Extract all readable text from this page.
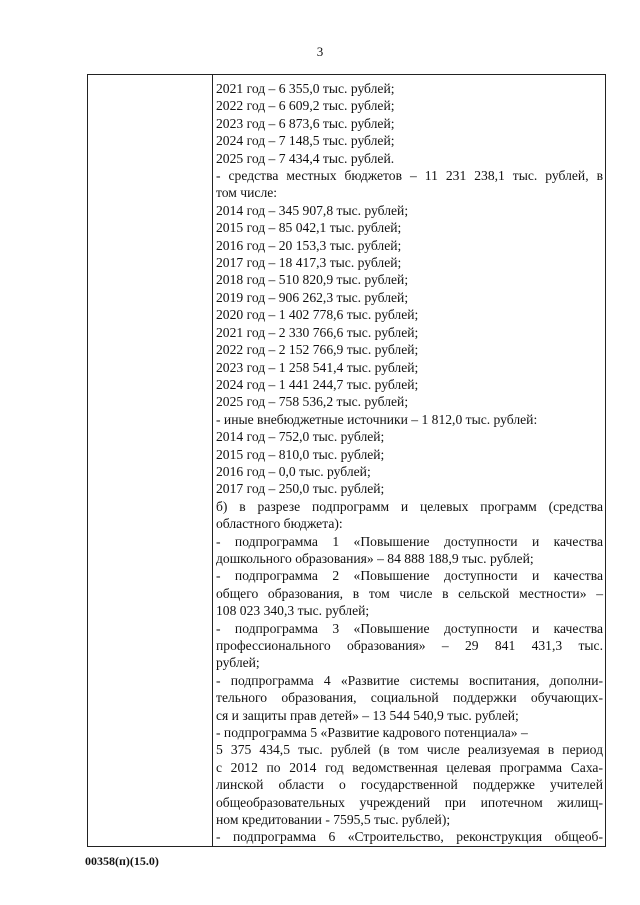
3
2021 год – 6 355,0 тыс. рублей;
2022 год – 6 609,2 тыс. рублей;
2023 год – 6 873,6 тыс. рублей;
2024 год – 7 148,5 тыс. рублей;
2025 год – 7 434,4 тыс. рублей.
- средства местных бюджетов – 11 231 238,1 тыс. рублей, в
том числе:
2014 год – 345 907,8 тыс. рублей;
2015 год – 85 042,1 тыс. рублей;
2016 год – 20 153,3 тыс. рублей;
2017 год – 18 417,3 тыс. рублей;
2018 год – 510 820,9 тыс. рублей;
2019 год – 906 262,3 тыс. рублей;
2020 год – 1 402 778,6 тыс. рублей;
2021 год – 2 330 766,6 тыс. рублей;
2022 год – 2 152 766,9 тыс. рублей;
2023 год – 1 258 541,4 тыс. рублей;
2024 год – 1 441 244,7 тыс. рублей;
2025 год – 758 536,2 тыс. рублей;
- иные внебюджетные источники – 1 812,0 тыс. рублей:
2014 год – 752,0 тыс. рублей;
2015 год – 810,0 тыс. рублей;
2016 год – 0,0 тыс. рублей;
2017 год – 250,0 тыс. рублей;
б) в разрезе подпрограмм и целевых программ (средства
областного бюджета):
- подпрограмма 1 «Повышение доступности и качества
дошкольного образования» – 84 888 188,9 тыс. рублей;
- подпрограмма 2 «Повышение доступности и качества
общего образования, в том числе в сельской местности» –
108 023 340,3 тыс. рублей;
- подпрограмма 3 «Повышение доступности и качества
профессионального образования» – 29 841 431,3 тыс.
рублей;
- подпрограмма 4 «Развитие системы воспитания, дополни-
тельного образования, социальной поддержки обучающих-
ся и защиты прав детей» – 13 544 540,9 тыс. рублей;
- подпрограмма 5 «Развитие кадрового потенциала» –
5 375 434,5 тыс. рублей (в том числе реализуемая в период
с 2012 по 2014 год ведомственная целевая программа Саха-
линской области о государственной поддержке учителей
общеобразовательных учреждений при ипотечном жилищ-
ном кредитовании - 7595,5 тыс. рублей);
- подпрограмма 6 «Строительство, реконструкция общеоб-
00358(п)(15.0)
